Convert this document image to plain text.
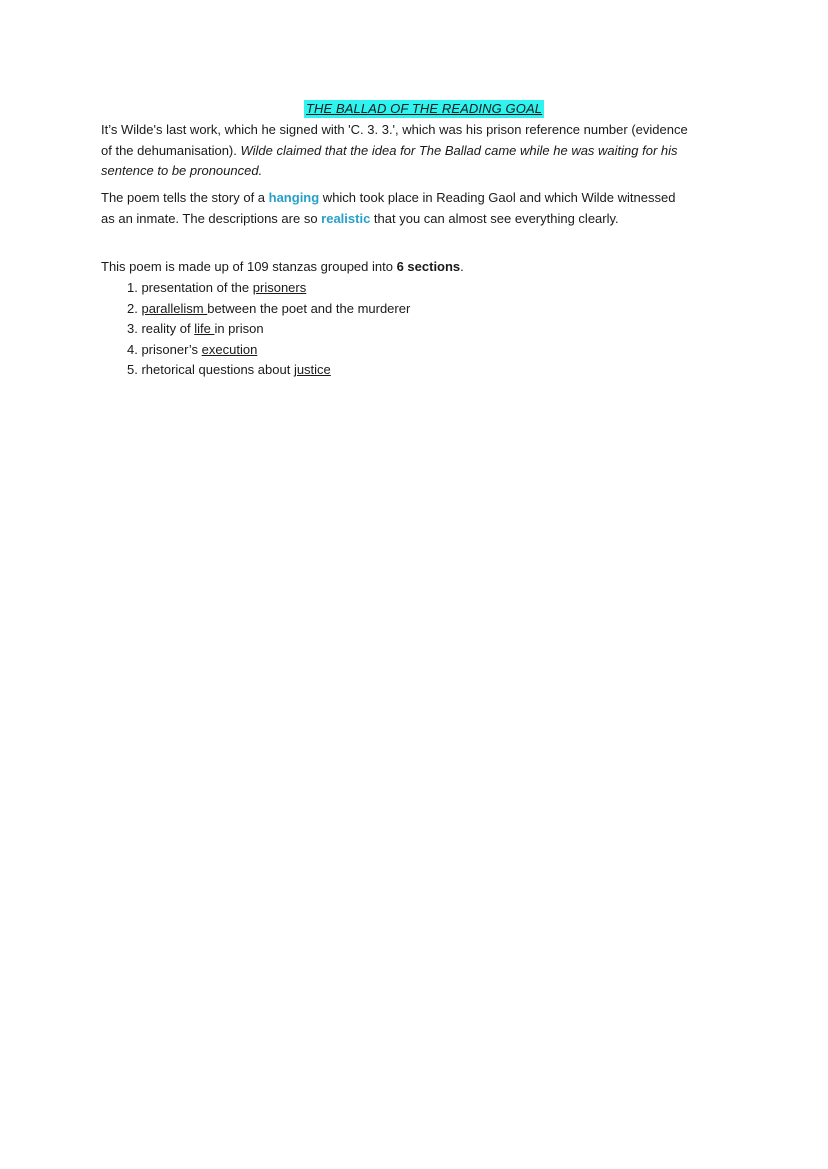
THE BALLAD OF THE READING GOAL
It’s Wilde's last work, which he signed with 'C. 3. 3.', which was his prison reference number (evidence of the dehumanisation). Wilde claimed that the idea for The Ballad came while he was waiting for his sentence to be pronounced.
The poem tells the story of a hanging which took place in Reading Gaol and which Wilde witnessed as an inmate. The descriptions are so realistic that you can almost see everything clearly.
This poem is made up of 109 stanzas grouped into 6 sections.
1. presentation of the prisoners
2. parallelism between the poet and the murderer
3. reality of life in prison
4. prisoner’s execution
5. rhetorical questions about justice
